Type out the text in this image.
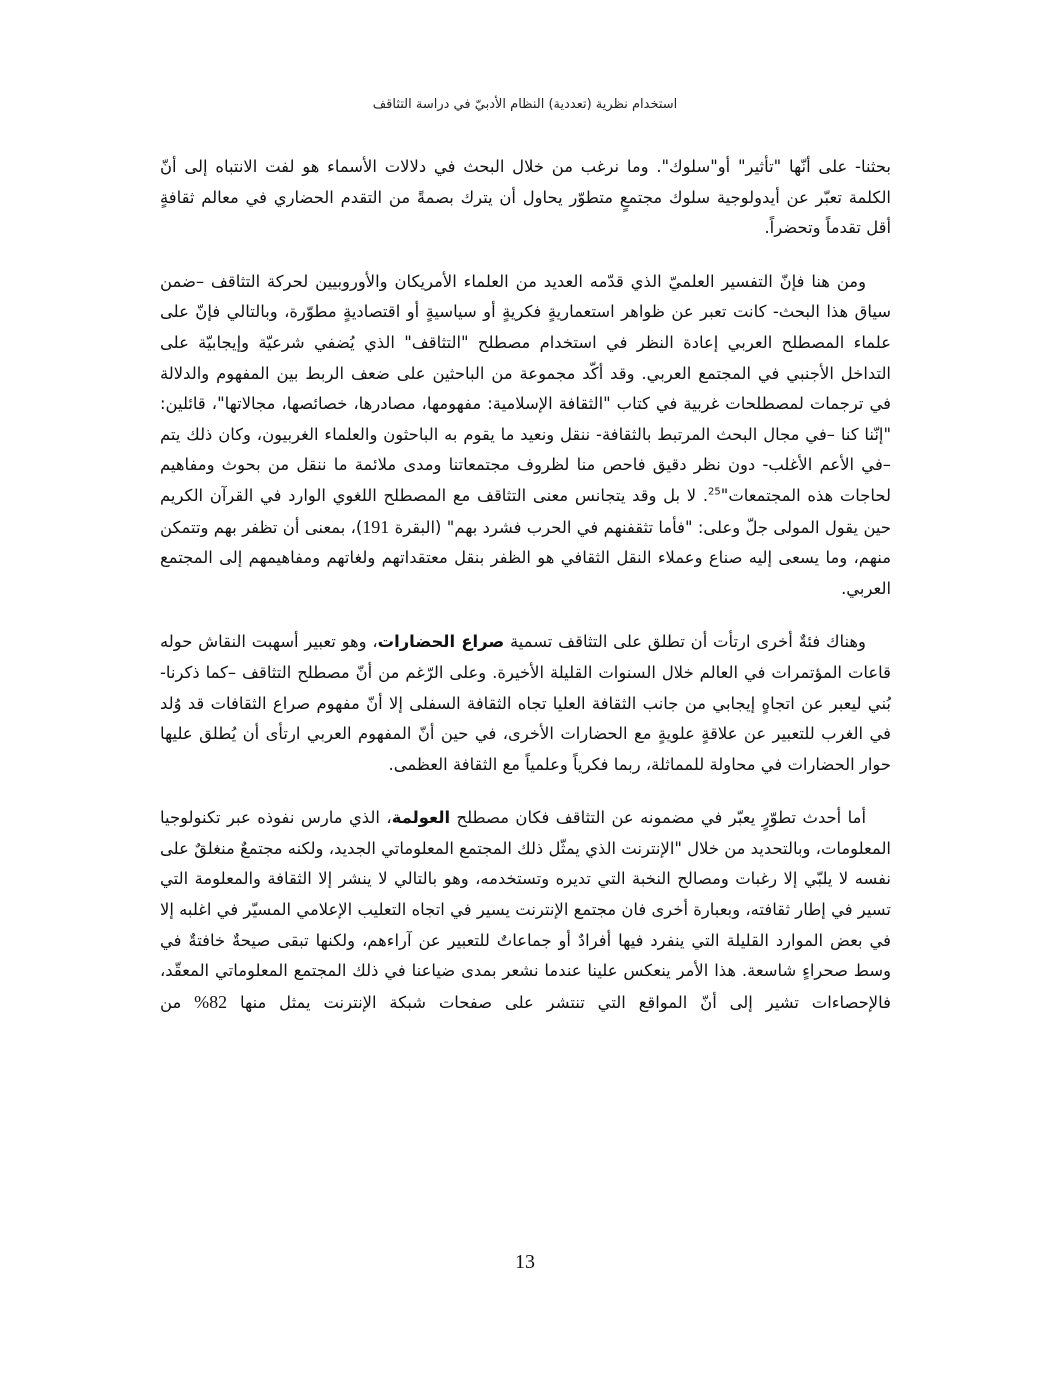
استخدام نظرية (تعددية) النظام الأدبيّ في دراسة التثاقف

بحثنا- على أنّها "تأثير" أو"سلوك". وما نرغب من خلال البحث في دلالات الأسماء هو لفت الانتباه إلى أنّ الكلمة تعبّر عن أيدولوجية سلوك مجتمعٍ متطوّر يحاول أن يترك بصمةً من التقدم الحضاري في معالم ثقافةٍ أقل تقدماً وتحضراً.

ومن هنا فإنّ التفسير العلميّ الذي قدّمه العديد من العلماء الأمريكان والأوروبيين لحركة التثاقف –ضمن سياق هذا البحث- كانت تعبر عن ظواهر استعماريةٍ فكريةٍ أو سياسيةٍ أو اقتصاديةٍ مطوّرة، وبالتالي فإنّ على علماء المصطلح العربي إعادة النظر في استخدام مصطلح "التثاقف" الذي يُضفي شرعيّة وإيجابيّة على التداخل الأجنبي في المجتمع العربي. وقد أكّد مجموعة من الباحثين على ضعف الربط بين المفهوم والدلالة في ترجمات لمصطلحات غربية في كتاب "الثقافة الإسلامية: مفهومها، مصادرها، خصائصها، مجالاتها"، قائلين: "إنّنا كنا –في مجال البحث المرتبط بالثقافة- ننقل ونعيد ما يقوم به الباحثون والعلماء الغربيون، وكان ذلك يتم –في الأعم الأغلب- دون نظر دقيق فاحص منا لظروف مجتمعاتنا ومدى ملائمة ما ننقل من بحوث ومفاهيم لحاجات هذه المجتمعات"$^{25}$. لا بل وقد يتجانس معنى التثاقف مع المصطلح اللغوي الوارد في القرآن الكريم حين يقول المولى جلّ وعلى: "فأما تثقفنهم في الحرب فشرد بهم" (البقرة 191)، بمعنى أن تظفر بهم وتتمكن منهم، وما يسعى إليه صناع وعملاء النقل الثقافي هو الظفر بنقل معتقداتهم ولغاتهم ومفاهيمهم إلى المجتمع العربي.

وهناك فئةٌ أخرى ارتأت أن تطلق على التثاقف تسمية صراع الحضارات، وهو تعبير أسهبت النقاش حوله قاعات المؤتمرات في العالم خلال السنوات القليلة الأخيرة. وعلى الرّغم من أنّ مصطلح التثاقف –كما ذكرنا- بُني ليعبر عن اتجاهٍ إيجابي من جانب الثقافة العليا تجاه الثقافة السفلى إلا أنّ مفهوم صراع الثقافات قد وُلد في الغرب للتعبير عن علاقةٍ علويةٍ مع الحضارات الأخرى، في حين أنّ المفهوم العربي ارتأى أن يُطلق عليها حوار الحضارات في محاولة للمماثلة، ربما فكرياً وعلمياً مع الثقافة العظمى.

أما أحدث تطوّرٍ يعبّر في مضمونه عن التثاقف فكان مصطلح العولمة، الذي مارس نفوذه عبر تكنولوجيا المعلومات، وبالتحديد من خلال "الإنترنت الذي يمثّل ذلك المجتمع المعلوماتي الجديد، ولكنه مجتمعٌ منغلقٌ على نفسه لا يلبّي إلا رغبات ومصالح النخبة التي تديره وتستخدمه، وهو بالتالي لا ينشر إلا الثقافة والمعلومة التي تسير في إطار ثقافته، وبعبارة أخرى فان مجتمع الإنترنت يسير في اتجاه التعليب الإعلامي المسيّر في اغلبه إلا في بعض الموارد القليلة التي ينفرد فيها أفرادٌ أو جماعاتٌ للتعبير عن آراءهم، ولكنها تبقى صيحةٌ خافتةٌ في وسط صحراءٍ شاسعة. هذا الأمر ينعكس علينا عندما نشعر بمدى ضياعنا في ذلك المجتمع المعلوماتي المعقّد، فالإحصاءات تشير إلى أنّ المواقع التي تنتشر على صفحات شبكة الإنترنت يمثل منها 82% من

13
